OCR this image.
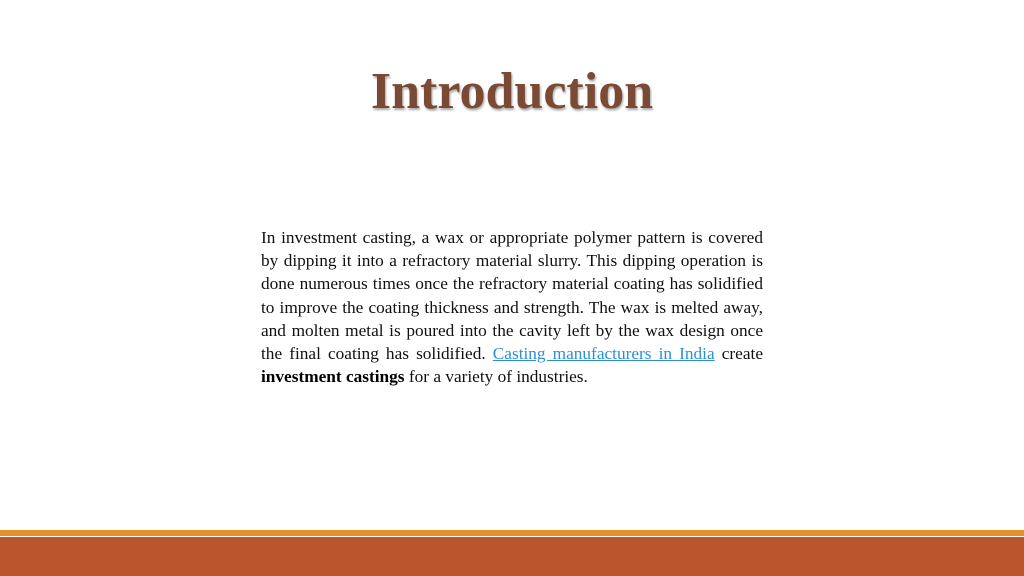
Introduction

In investment casting, a wax or appropriate polymer pattern is covered by dipping it into a refractory material slurry. This dipping operation is done numerous times once the refractory material coating has solidified to improve the coating thickness and strength. The wax is melted away, and molten metal is poured into the cavity left by the wax design once the final coating has solidified. Casting manufacturers in India create investment castings for a variety of industries.
